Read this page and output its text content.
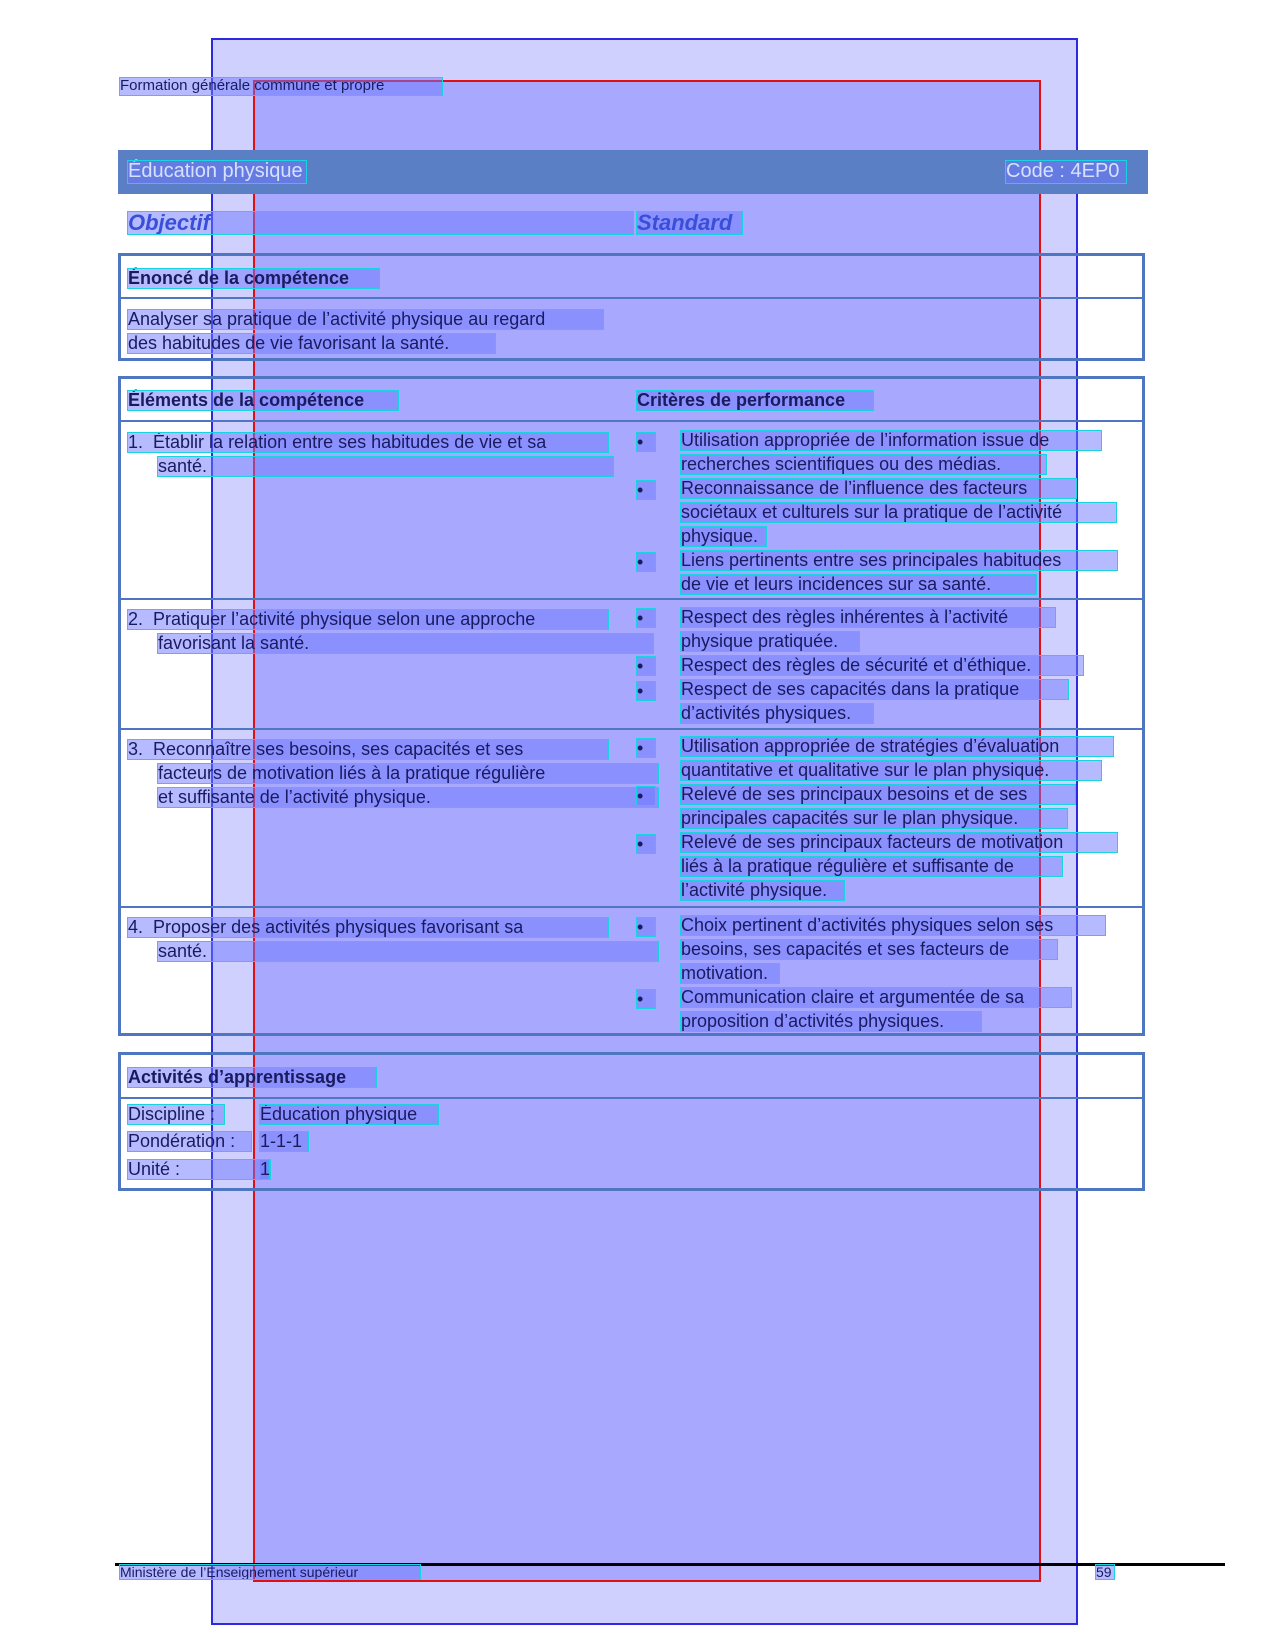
Formation générale commune et propre
Éducation physique	Code : 4EP0
Objectif	Standard
Énoncé de la compétence
Analyser sa pratique de l’activité physique au regard
des habitudes de vie favorisant la santé.
Éléments de la compétence	Critères de performance
1. Établir la relation entre ses habitudes de vie et sa
santé.
•	Utilisation appropriée de l’information issue de
recherches scientifiques ou des médias.
•	Reconnaissance de l’influence des facteurs
sociétaux et culturels sur la pratique de l’activité
physique.
•	Liens pertinents entre ses principales habitudes
de vie et leurs incidences sur sa santé.
2. Pratiquer l’activité physique selon une approche
favorisant la santé.
•	Respect des règles inhérentes à l’activité
physique pratiquée.
•	Respect des règles de sécurité et d’éthique.
•	Respect de ses capacités dans la pratique
d’activités physiques.
3. Reconnaître ses besoins, ses capacités et ses
facteurs de motivation liés à la pratique régulière
et suffisante de l’activité physique.
•	Utilisation appropriée de stratégies d’évaluation
quantitative et qualitative sur le plan physique.
•	Relevé de ses principaux besoins et de ses
principales capacités sur le plan physique.
•	Relevé de ses principaux facteurs de motivation
liés à la pratique régulière et suffisante de
l’activité physique.
4. Proposer des activités physiques favorisant sa
santé.
•	Choix pertinent d’activités physiques selon ses
besoins, ses capacités et ses facteurs de
motivation.
•	Communication claire et argumentée de sa
proposition d’activités physiques.
Activités d’apprentissage
Discipline :	Éducation physique
Pondération :	1-1-1
Unité :	1
Ministère de l’Enseignement supérieur	59
